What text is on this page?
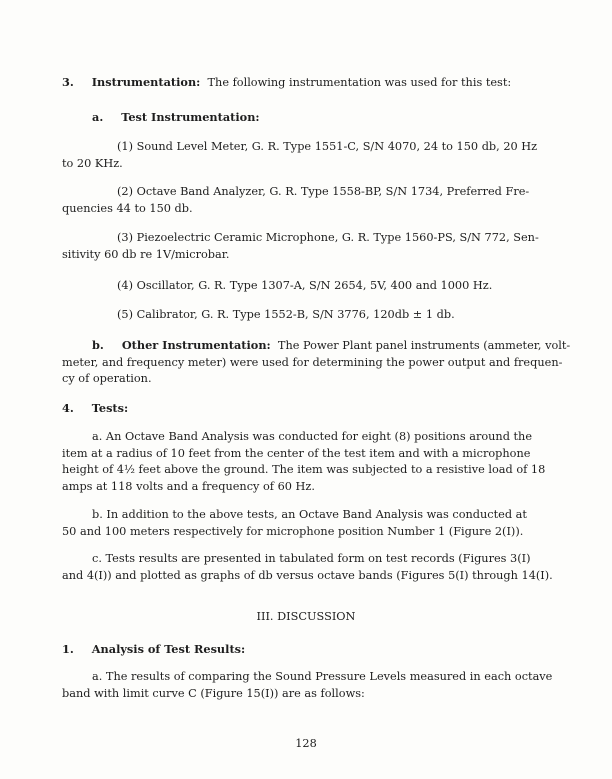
3. Instrumentation: The following instrumentation was used for this test:
a. Test Instrumentation:
(1) Sound Level Meter, G. R. Type 1551-C, S/N 4070, 24 to 150 db, 20 Hz
to 20 KHz.
(2) Octave Band Analyzer, G. R. Type 1558-BP, S/N 1734, Preferred Fre-
quencies 44 to 150 db.
(3) Piezoelectric Ceramic Microphone, G. R. Type 1560-PS, S/N 772, Sen-
sitivity 60 db re 1V/microbar.
(4) Oscillator, G. R. Type 1307-A, S/N 2654, 5V, 400 and 1000 Hz.
(5) Calibrator, G. R. Type 1552-B, S/N 3776, 120db ± 1 db.
b. Other Instrumentation: The Power Plant panel instruments (ammeter, volt-
meter, and frequency meter) were used for determining the power output and frequen-
cy of operation.
4. Tests:
a. An Octave Band Analysis was conducted for eight (8) positions around the
item at a radius of 10 feet from the center of the test item and with a microphone
height of 4½ feet above the ground. The item was subjected to a resistive load of 18
amps at 118 volts and a frequency of 60 Hz.
b. In addition to the above tests, an Octave Band Analysis was conducted at
50 and 100 meters respectively for microphone position Number 1 (Figure 2(I)).
c. Tests results are presented in tabulated form on test records (Figures 3(I)
and 4(I)) and plotted as graphs of db versus octave bands (Figures 5(I) through 14(I).
III. DISCUSSION
1. Analysis of Test Results:
a. The results of comparing the Sound Pressure Levels measured in each octave
band with limit curve C (Figure 15(I)) are as follows:
128
